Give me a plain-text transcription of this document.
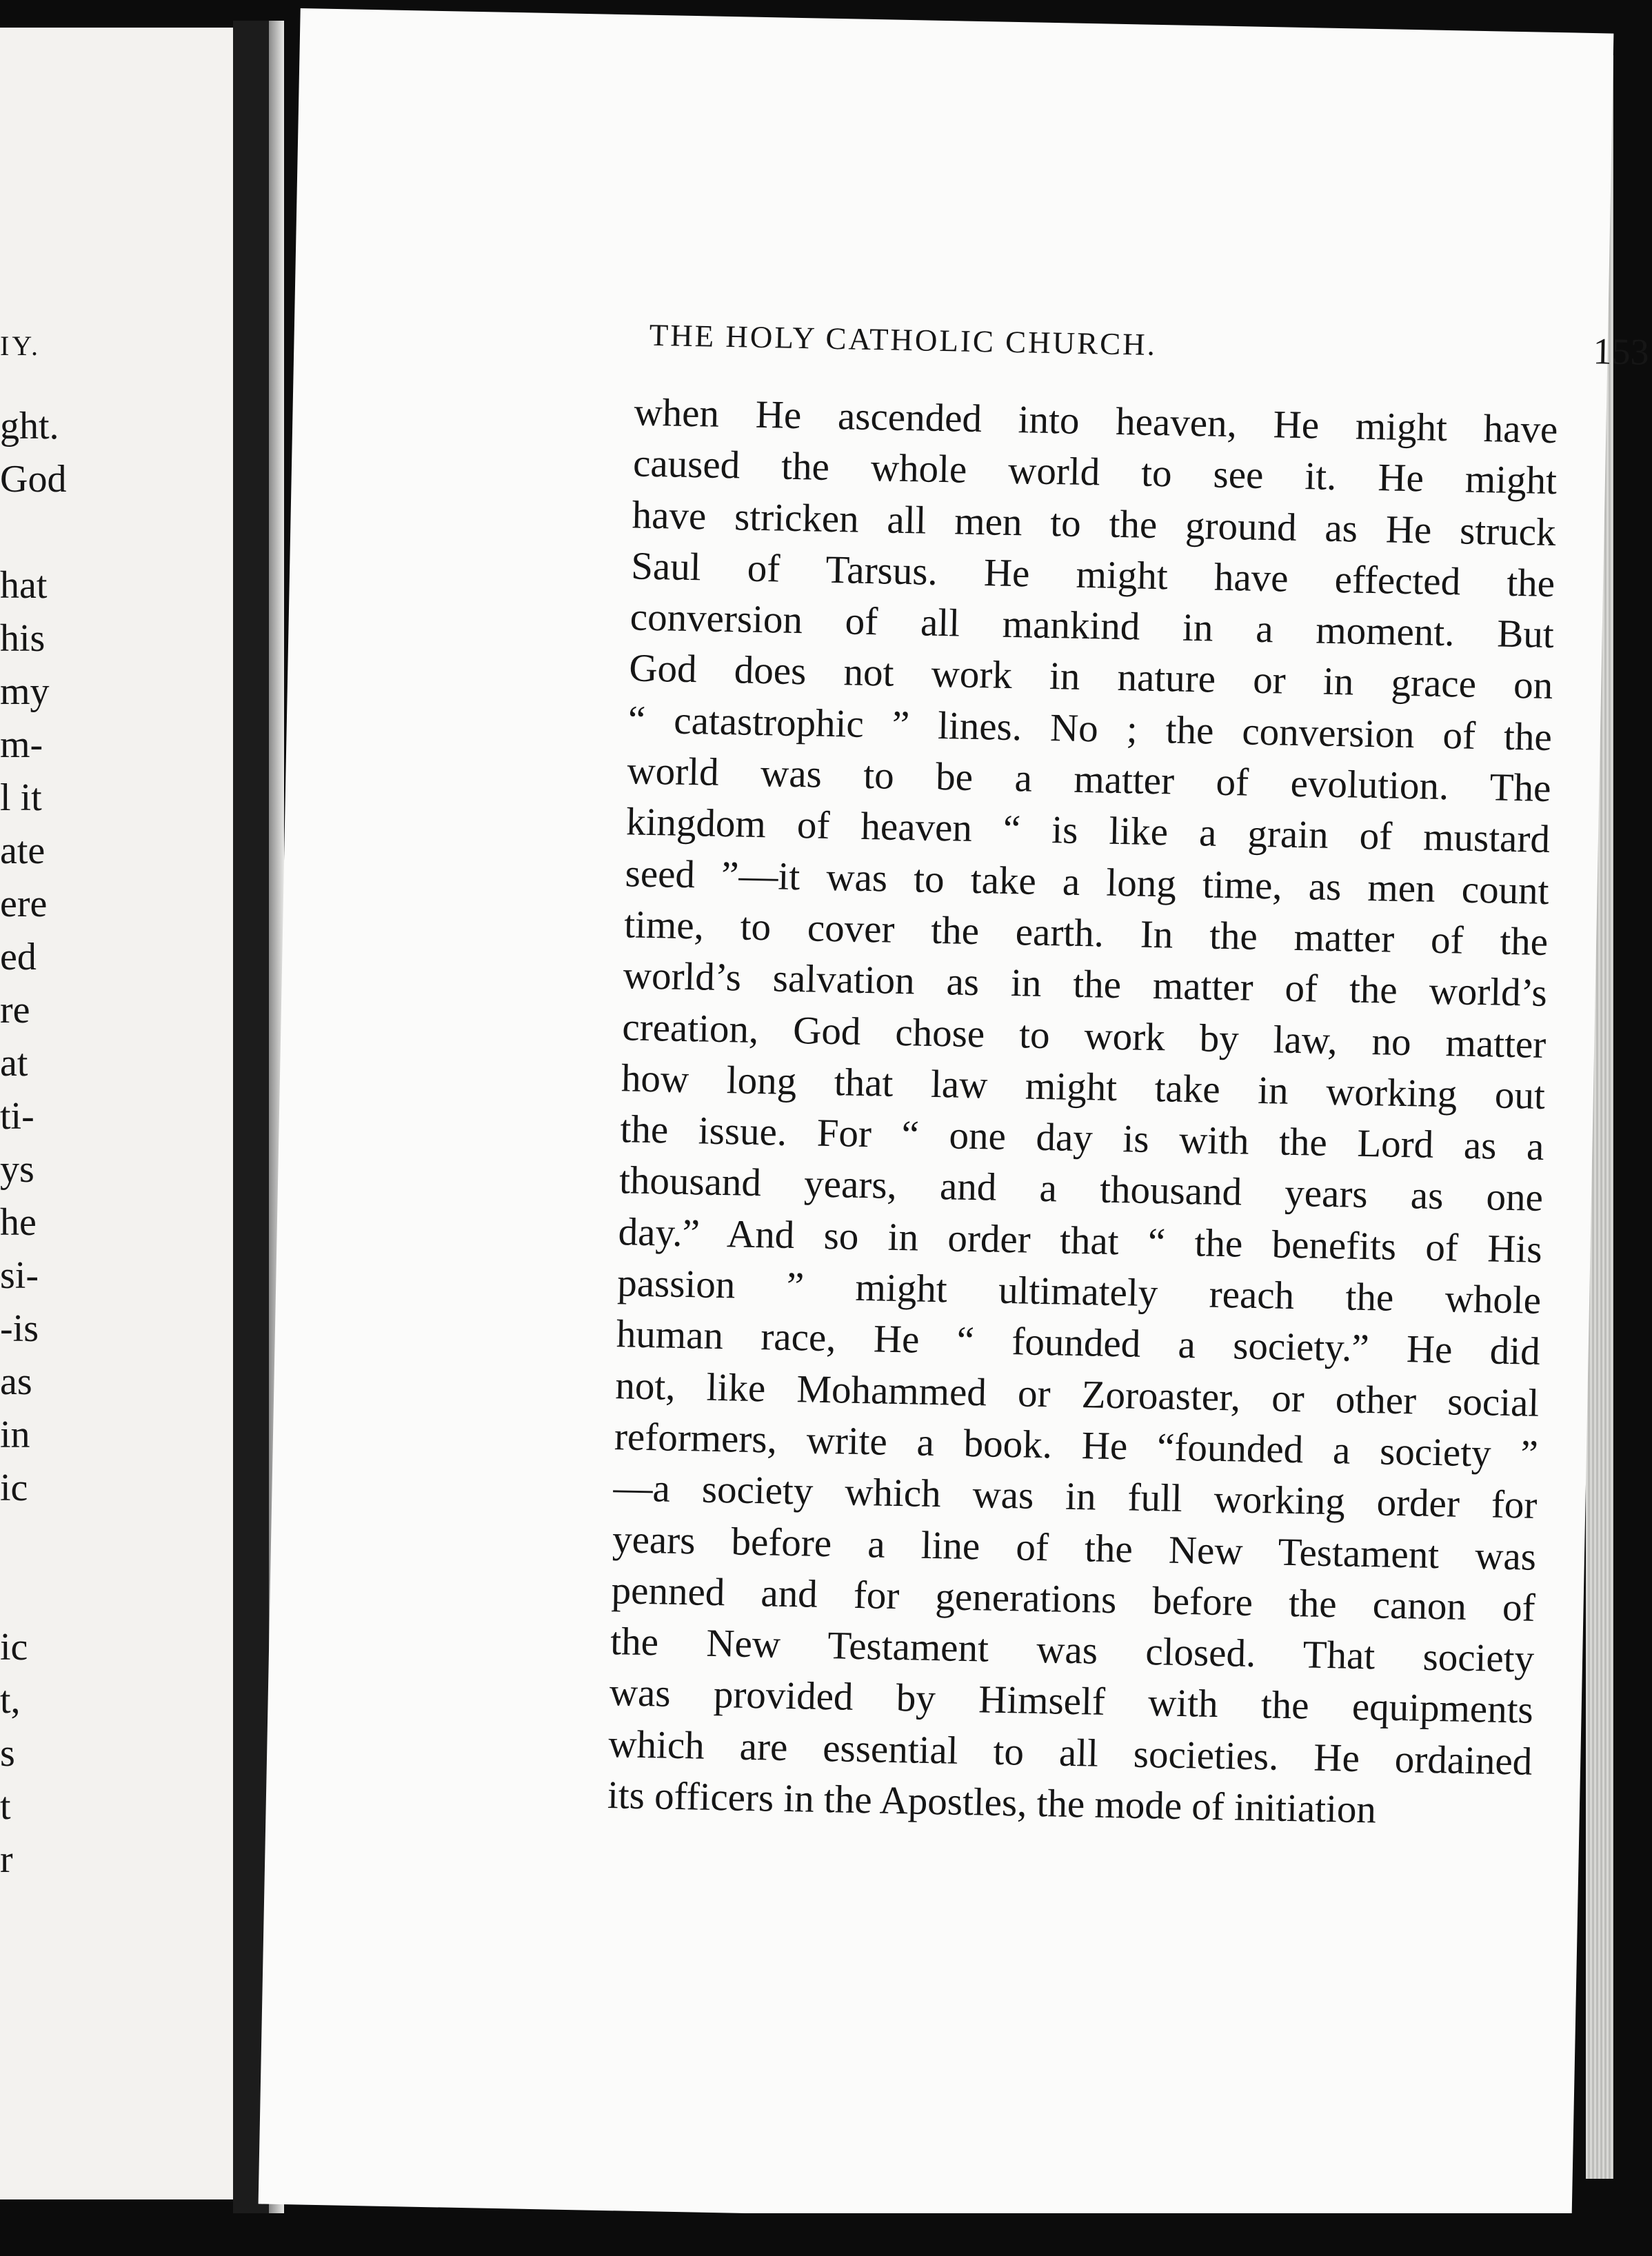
IY.
ght.
God
hat
his
my
m-
l it
ate
ere
ed
re
at
ti-
ys
he
si-
-is
as
in
ic
ic
t,
s
t
r
THE HOLY CATHOLIC CHURCH.	153
when He ascended into heaven, He might have
caused the whole world to see it. He might
have stricken all men to the ground as He struck
Saul of Tarsus. He might have effected the
conversion of all mankind in a moment. But
God does not work in nature or in grace on
“ catastrophic ” lines. No ; the conversion of the
world was to be a matter of evolution. The
kingdom of heaven “ is like a grain of mustard
seed ”—it was to take a long time, as men count
time, to cover the earth. In the matter of the
world’s salvation as in the matter of the world’s
creation, God chose to work by law, no matter
how long that law might take in working out
the issue. For “ one day is with the Lord as a
thousand years, and a thousand years as one
day.” And so in order that “ the benefits of His
passion ” might ultimately reach the whole
human race, He “ founded a society.” He did
not, like Mohammed or Zoroaster, or other social
reformers, write a book. He “founded a society ”
—a society which was in full working order for
years before a line of the New Testament was
penned and for generations before the canon of
the New Testament was closed. That society
was provided by Himself with the equipments
which are essential to all societies. He ordained
its officers in the Apostles, the mode of initiation
